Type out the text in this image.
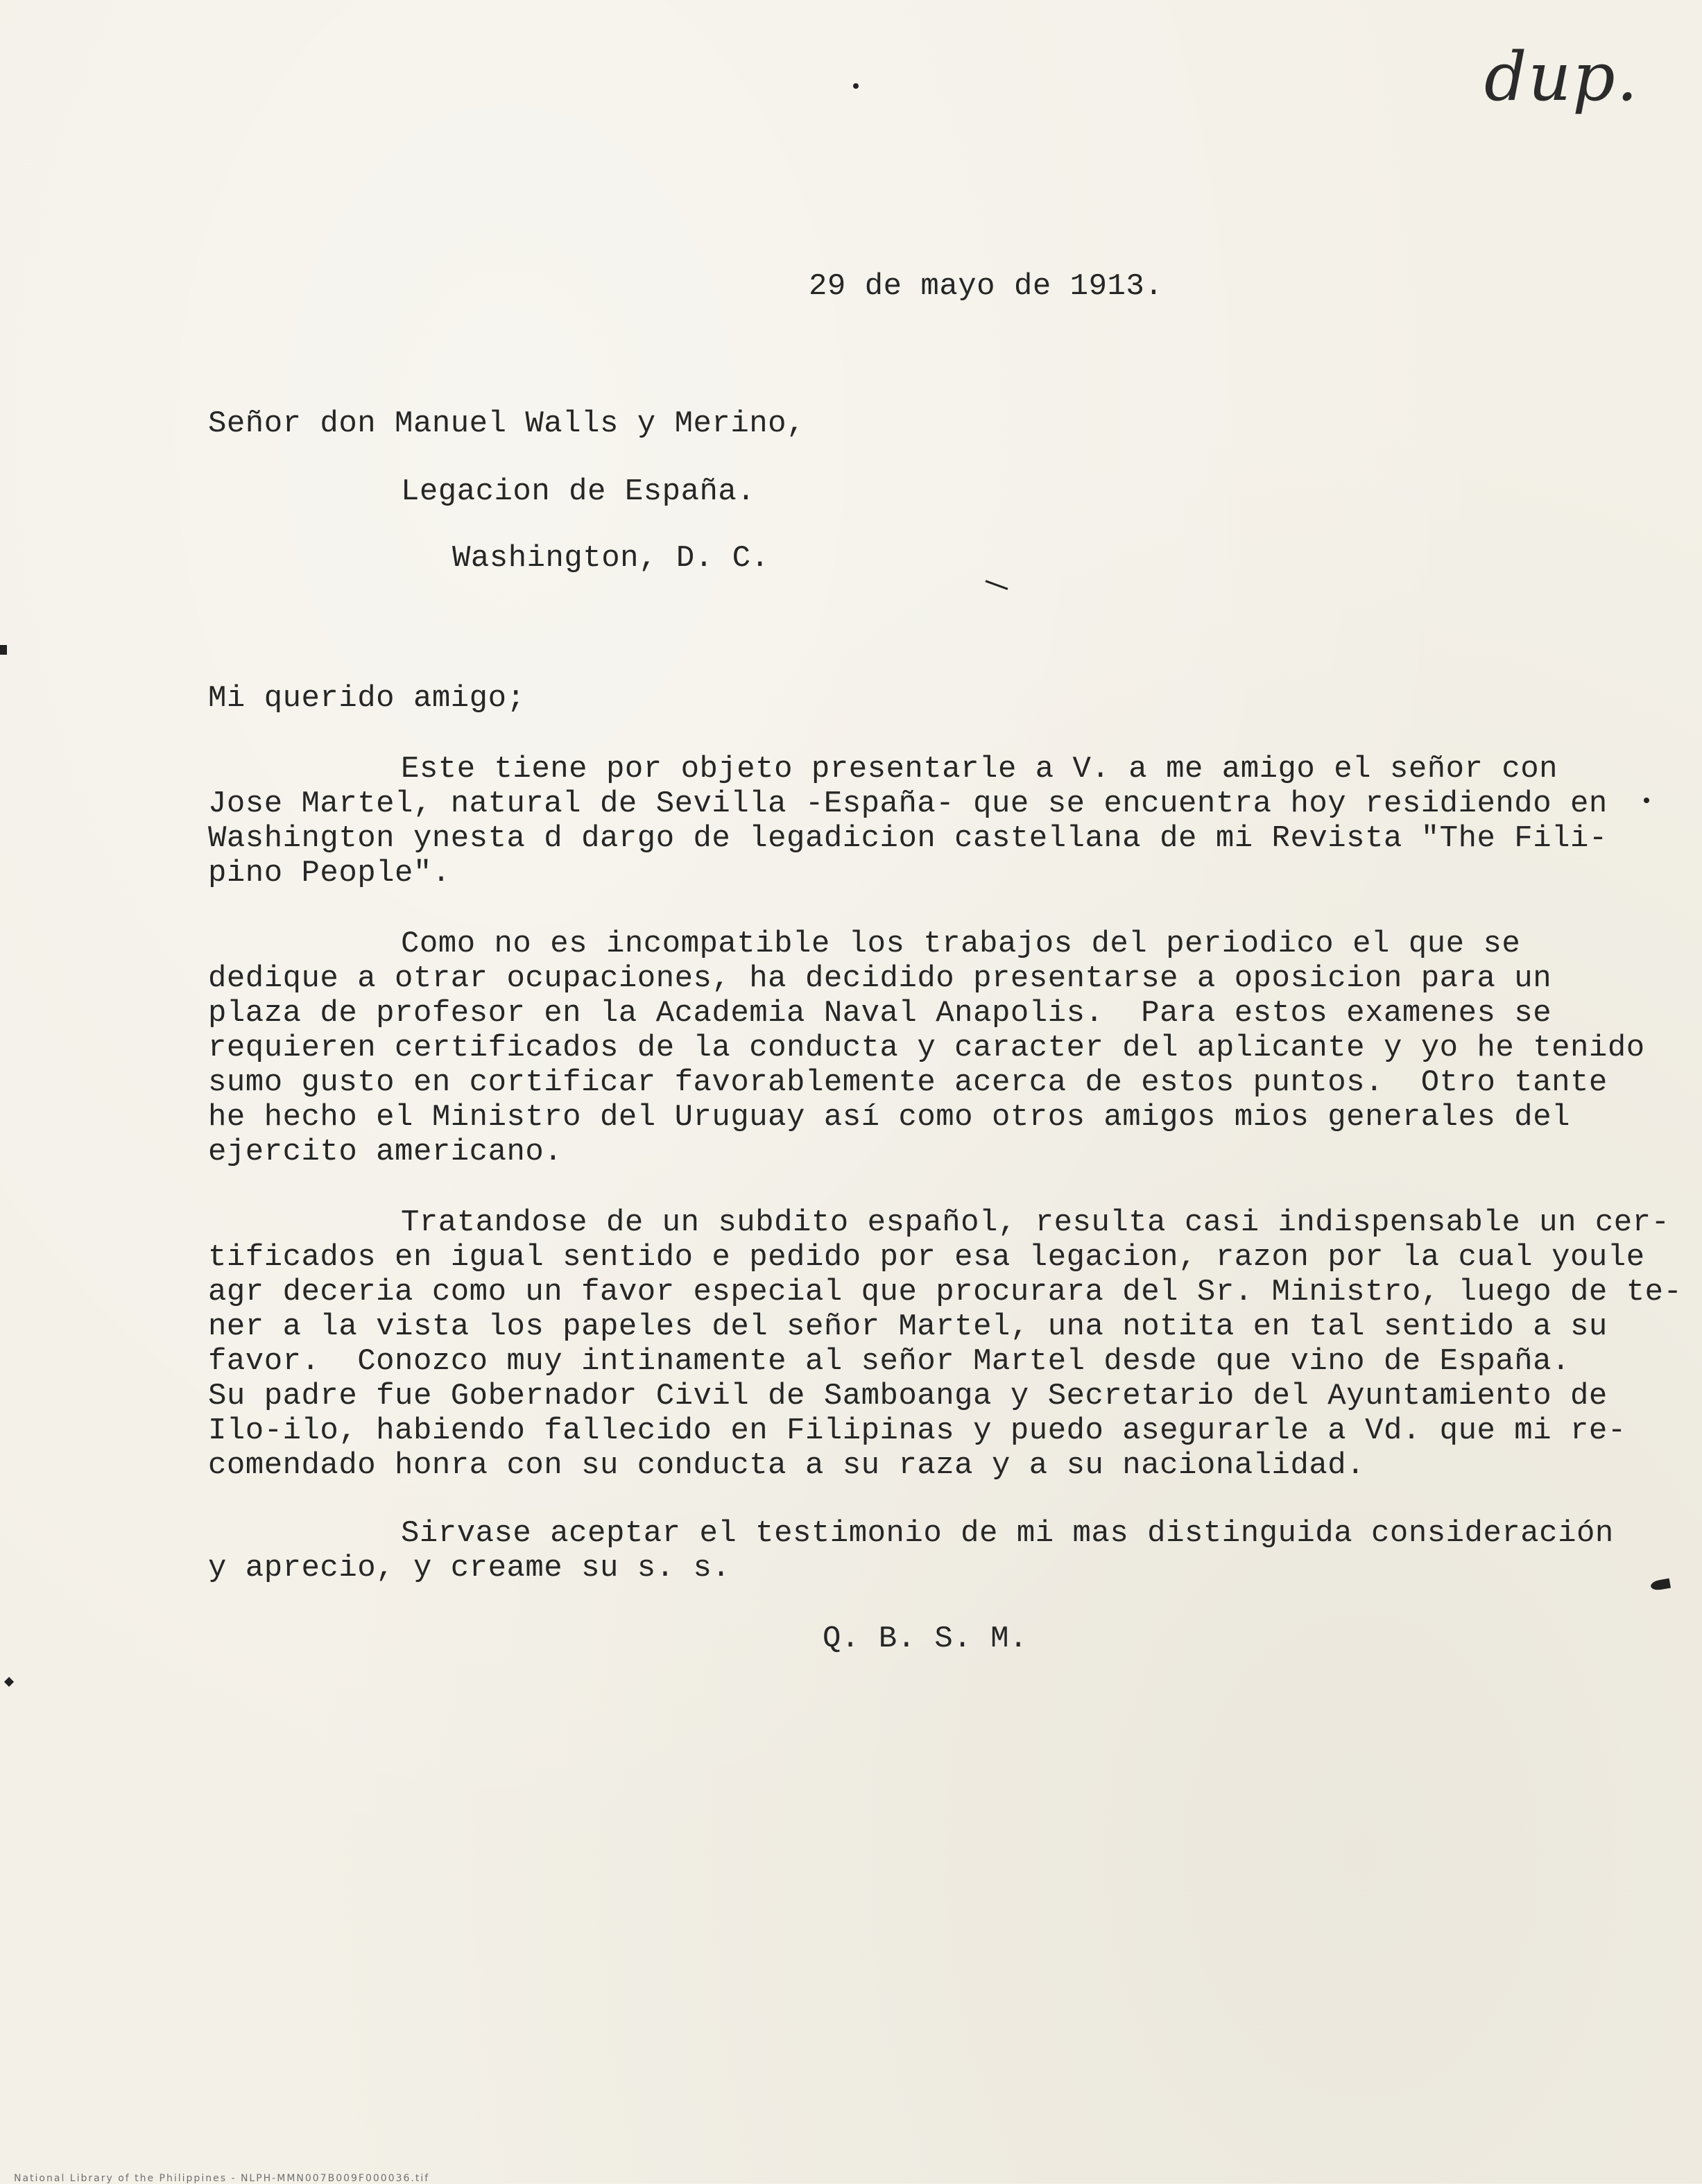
dup.
29 de mayo de 1913.
Señor don Manuel Walls y Merino,
Legacion de España.
Washington, D. C.
Mi querido amigo;
Este tiene por objeto presentarle a V. a me amigo el señor con
Jose Martel, natural de Sevilla -España- que se encuentra hoy residiendo en
Washington ynesta d dargo de legadicion castellana de mi Revista "The Fili-
pino People".
Como no es incompatible los trabajos del periodico el que se
dedique a otrar ocupaciones, ha decidido presentarse a oposicion para un
plaza de profesor en la Academia Naval Anapolis.  Para estos examenes se
requieren certificados de la conducta y caracter del aplicante y yo he tenido
sumo gusto en cortificar favorablemente acerca de estos puntos.  Otro tante
he hecho el Ministro del Uruguay así como otros amigos mios generales del
ejercito americano.
Tratandose de un subdito español, resulta casi indispensable un cer-
tificados en igual sentido e pedido por esa legacion, razon por la cual youle
agr deceria como un favor especial que procurara del Sr. Ministro, luego de te-
ner a la vista los papeles del señor Martel, una notita en tal sentido a su
favor.  Conozco muy intinamente al señor Martel desde que vino de España.
Su padre fue Gobernador Civil de Samboanga y Secretario del Ayuntamiento de
Ilo-ilo, habiendo fallecido en Filipinas y puedo asegurarle a Vd. que mi re-
comendado honra con su conducta a su raza y a su nacionalidad.
Sirvase aceptar el testimonio de mi mas distinguida consideración
y aprecio, y creame su s. s.
Q. B. S. M.
National Library of the Philippines - NLPH-MMN007B009F000036.tif
